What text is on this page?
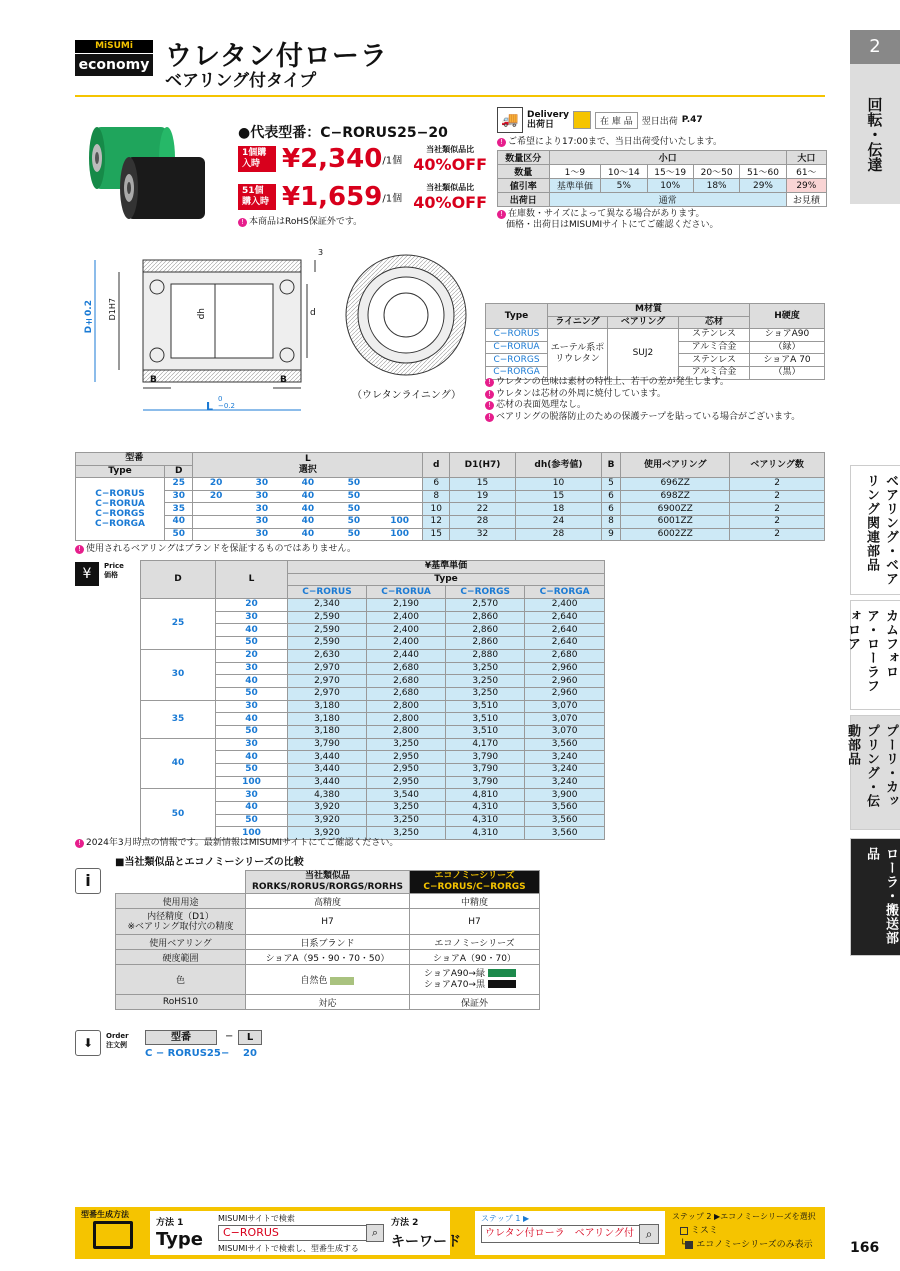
MiSUMi
economy ウレタン付ローラ
ベアリング付タイプ
2
回転・伝達
ベアリング・ベアリング関連部品
カムフォロア・ローラフォロア
プーリ・カップリング・伝動部品
ローラ・搬送部品
●代表型番：C−RORUS25−20
1個購入時 ¥2,340/1個
当社類似品比
40%OFF
51個購入時 ¥1,659/1個
当社類似品比
40%OFF
! 本商品はRoHS保証外です。
🚚 Delivery
出荷日	在 庫 品	翌日出荷 P.47
! ご希望により17:00まで、当日出荷受付いたします。
数量区分	小口					大口
数量	1〜9	10〜14	15〜19	20〜50	51〜60	61〜
値引率	基準単価	5%	10%	18%	29%	29%
出荷日	通常					お見積
! 在庫数・サイズによって異なる場合があります。
　価格・出荷日はMISUMIサイトにてご確認ください。
D±0.2 D1H7	dh	d
3
B	B
L
0
−0.2
（ウレタンライニング）
Type	M材質			H硬度
	ライニング	ベアリング	芯材	
C−RORUS	エーテル系ポリウレタン	SUJ2	ステンレス	ショアA90
C−RORUA			アルミ合金	（緑）
C−RORGS			ステンレス	ショアA 70
C−RORGA			アルミ合金	（黒）
! ウレタンの色味は素材の特性上、若干の差が発生します。
! ウレタンは芯材の外周に焼付しています。
! 芯材の表面処理なし。
! ベアリングの脱落防止のための保護テープを貼っている場合がございます。
型番		L
選択					d	D1(H7)	dh(参考値)	B	使用ベアリング	ベアリング数
Type	D											
C−RORUS
C−RORUA
C−RORGS
C−RORGA	25	20	30	40	50		6	15	10	5	696ZZ	2
	30	20	30	40	50		8	19	15	6	698ZZ	2
	35		30	40	50		10	22	18	6	6900ZZ	2
	40		30	40	50	100	12	28	24	8	6001ZZ	2
	50		30	40	50	100	15	32	28	9	6002ZZ	2
! 使用されるベアリングはブランドを保証するものではありません。
¥	Price
価格	D	L	¥基準単価			
		Type			
		C−RORUS	C−RORUA	C−RORGS	C−RORGA
25	20	2,340	2,190	2,570	2,400
	30	2,590	2,400	2,860	2,640
	40	2,590	2,400	2,860	2,640
	50	2,590	2,400	2,860	2,640
30	20	2,630	2,440	2,880	2,680
	30	2,970	2,680	3,250	2,960
	40	2,970	2,680	3,250	2,960
	50	2,970	2,680	3,250	2,960
35	30	3,180	2,800	3,510	3,070
	40	3,180	2,800	3,510	3,070
	50	3,180	2,800	3,510	3,070
40	30	3,790	3,250	4,170	3,560
	40	3,440	2,950	3,790	3,240
	50	3,440	2,950	3,790	3,240
	100	3,440	2,950	3,790	3,240
50	30	4,380	3,540	4,810	3,900
	40	3,920	3,250	4,310	3,560
	50	3,920	3,250	4,310	3,560
	100	3,920	3,250	4,310	3,560
! 2024年3月時点の情報です。最新情報はMISUMIサイトにてご確認ください。
■当社類似品とエコノミーシリーズの比較
i
		当社類似品
RORKS/RORUS/RORGS/RORHS	エコノミーシリーズ
C−RORUS/C−RORGS
使用用途	高精度	中精度
内径精度（D1）
※ベアリング取付穴の精度	H7	H7
使用ベアリング	日系ブランド	エコノミーシリーズ
硬度範囲	ショアA（95・90・70・50）	ショアA（90・70）
色	自然色	ショアA90→緑
ショアA70→黒
RoHS10	対応	保証外
⬇	Order
注文例
型番	−	L
C − RORUS25 − 20
型番生成方法
方法 1
Type
MISUMIサイトで検索
C−RORUS	⌕
MISUMIサイトで検索し、型番生成する
方法 2
キーワード
ステップ 1 ▶
ウレタン付ローラ　ベアリング付 ⌕
ステップ 2 ▶エコノミーシリーズを選択
ミスミ
└ エコノミーシリーズのみ表示	166
